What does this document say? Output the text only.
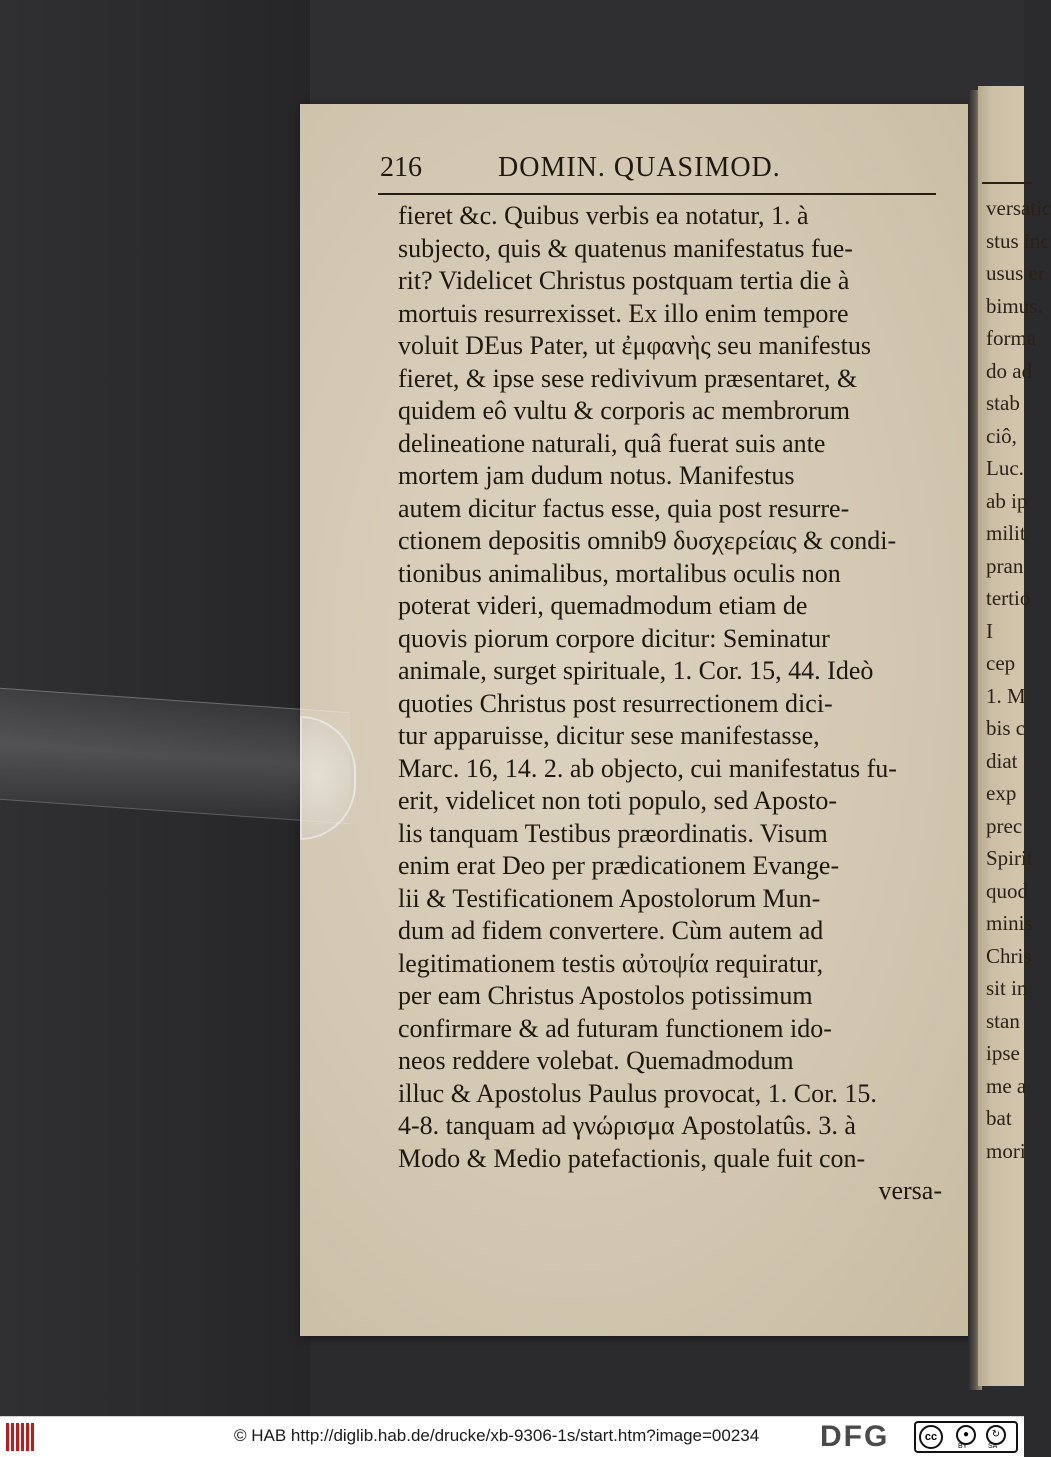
versatic
stus inc
usus er
bimus.
forma
do ad
stab
ciô,
Luc.
ab ip
milit
pran
tertio
I
cep
1. M
bis c
diat
exp
prec
Spirit
quod
minis
Chris
sit in
stan
ipse
me a
bat
mori
216	DOMIN. QUASIMOD.
fieret &c. Quibus verbis ea notatur, 1. à
subjecto, quis & quatenus manifestatus fue-
rit? Videlicet Christus postquam tertia die à
mortuis resurrexisset. Ex illo enim tempore
voluit DEus Pater, ut ἐμφανὴς seu manifestus
fieret, & ipse sese redivivum præsentaret, &
quidem eô vultu & corporis ac membrorum
delineatione naturali, quâ fuerat suis ante
mortem jam dudum notus. Manifestus
autem dicitur factus esse, quia post resurre-
ctionem depositis omnib9 δυσχερείαις & condi-
tionibus animalibus, mortalibus oculis non
poterat videri, quemadmodum etiam de
quovis piorum corpore dicitur: Seminatur
animale, surget spirituale, 1. Cor. 15, 44. Ideò
quoties Christus post resurrectionem dici-
tur apparuisse, dicitur sese manifestasse,
Marc. 16, 14. 2. ab objecto, cui manifestatus fu-
erit, videlicet non toti populo, sed Aposto-
lis tanquam Testibus præordinatis. Visum
enim erat Deo per prædicationem Evange-
lii & Testificationem Apostolorum Mun-
dum ad fidem convertere. Cùm autem ad
legitimationem testis αὐτοψία requiratur,
per eam Christus Apostolos potissimum
confirmare & ad futuram functionem ido-
neos reddere volebat. Quemadmodum
illuc & Apostolus Paulus provocat, 1. Cor. 15.
4-8. tanquam ad γνώρισμα Apostolatûs. 3. à
Modo & Medio patefactionis, quale fuit con-
versa-
© HAB http://diglib.hab.de/drucke/xb-9306-1s/start.htm?image=00234 DFG	cc	●	↻
BY	SA
